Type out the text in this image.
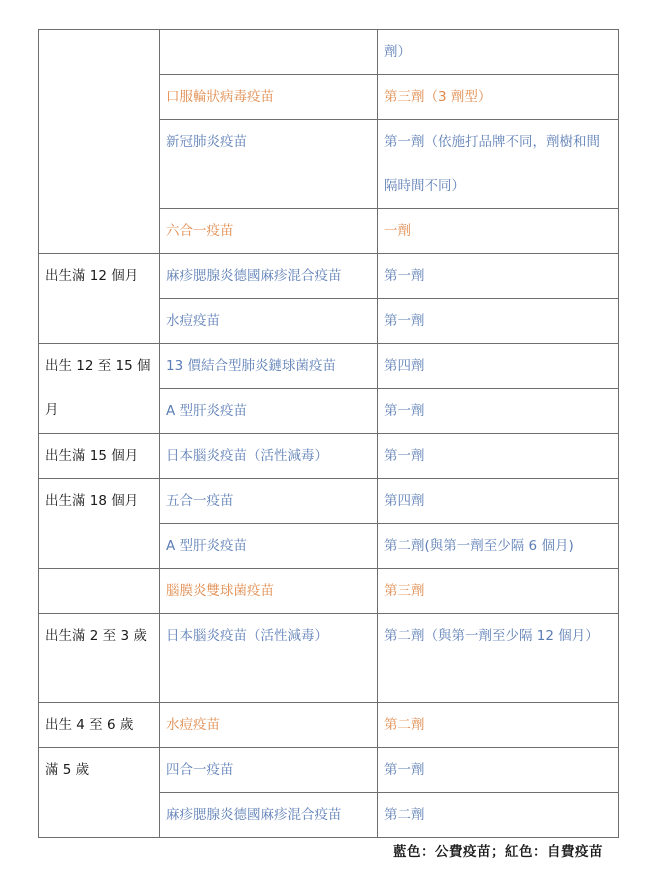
		劑）
	口服輪狀病毒疫苗	第三劑（3 劑型）
	新冠肺炎疫苗	第一劑（依施打品牌不同，劑樹和間隔時間不同）
	六合一疫苗	一劑
出生滿 12 個月	麻疹腮腺炎德國麻疹混合疫苗	第一劑
	水痘疫苗	第一劑
出生 12 至 15 個月	13 價結合型肺炎鏈球菌疫苗	第四劑
	A 型肝炎疫苗	第一劑
出生滿 15 個月	日本腦炎疫苗（活性減毒）	第一劑
出生滿 18 個月	五合一疫苗	第四劑
	A 型肝炎疫苗	第二劑(與第一劑至少隔 6 個月)
	腦膜炎雙球菌疫苗	第三劑
出生滿 2 至 3 歲	日本腦炎疫苗（活性減毒）	第二劑（與第一劑至少隔 12 個月）
出生 4 至 6 歲	水痘疫苗	第二劑
滿 5 歲	四合一疫苗	第一劑
	麻疹腮腺炎德國麻疹混合疫苗	第二劑
藍色：公費疫苗；紅色：自費疫苗
